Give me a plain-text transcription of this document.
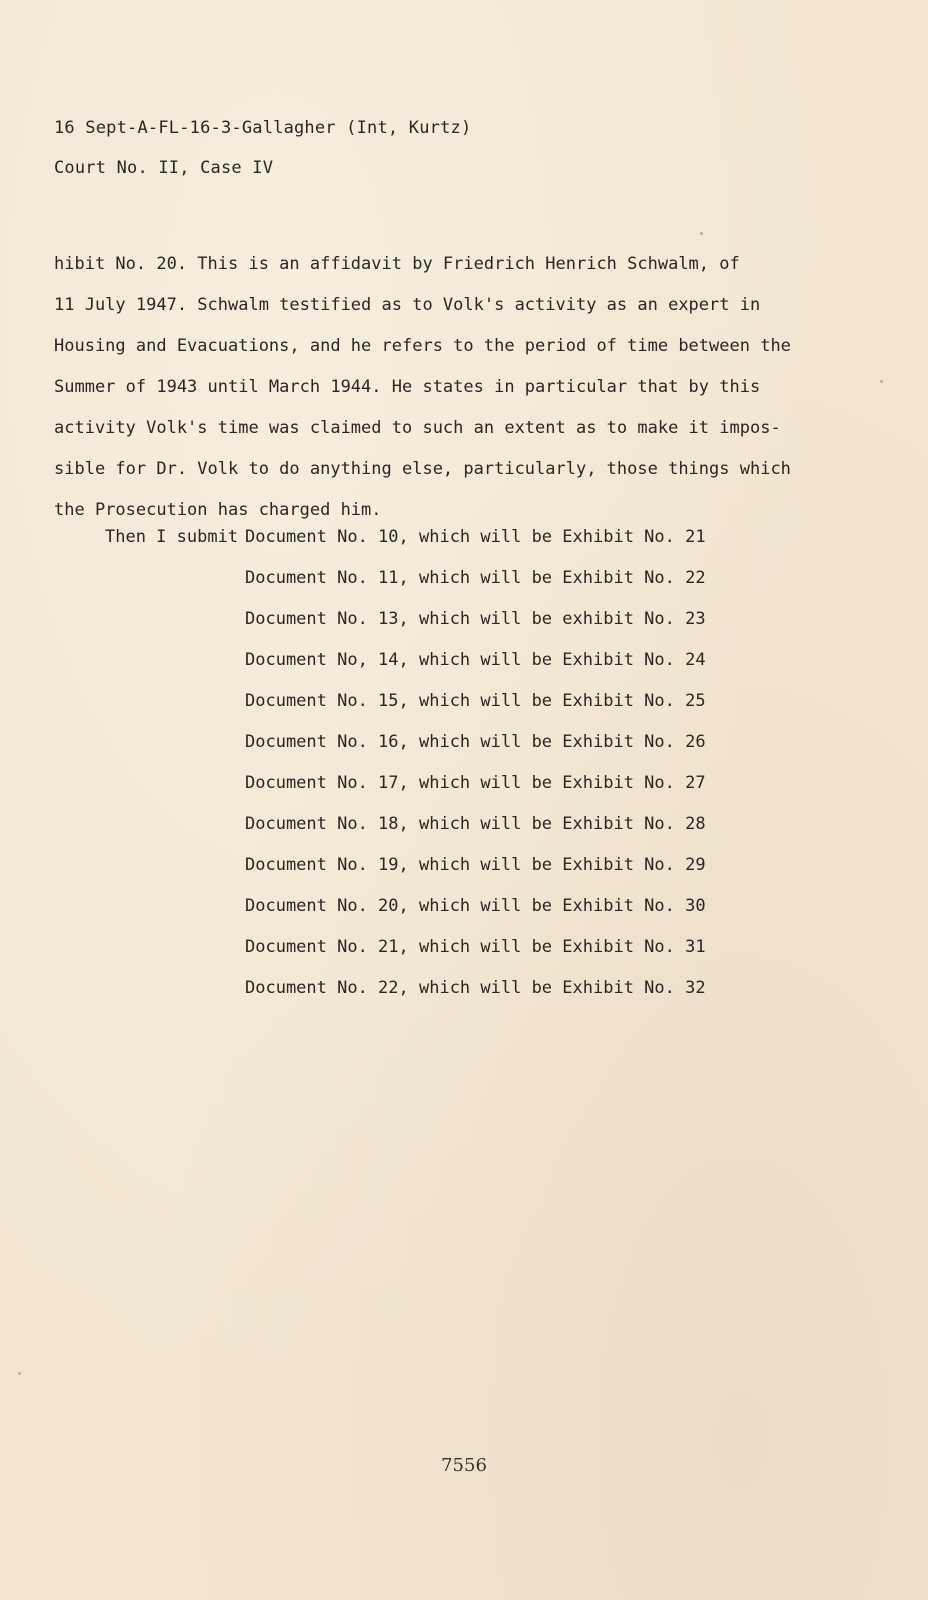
16 Sept-A-FL-16-3-Gallagher (Int, Kurtz)
Court No. II, Case IV

hibit No. 20. This is an affidavit by Friedrich Henrich Schwalm, of
11 July 1947. Schwalm testified as to Volk's activity as an expert in
Housing and Evacuations, and he refers to the period of time between the
Summer of 1943 until March 1944. He states in particular that by this
activity Volk's time was claimed to such an extent as to make it impos-
sible for Dr. Volk to do anything else, particularly, those things which
the Prosecution has charged him.

Then I submit Document No. 10, which will be Exhibit No. 21
Document No. 11, which will be Exhibit No. 22
Document No. 13, which will be exhibit No. 23
Document No, 14, which will be Exhibit No. 24
Document No. 15, which will be Exhibit No. 25
Document No. 16, which will be Exhibit No. 26
Document No. 17, which will be Exhibit No. 27
Document No. 18, which will be Exhibit No. 28
Document No. 19, which will be Exhibit No. 29
Document No. 20, which will be Exhibit No. 30
Document No. 21, which will be Exhibit No. 31
Document No. 22, which will be Exhibit No. 32
7556
